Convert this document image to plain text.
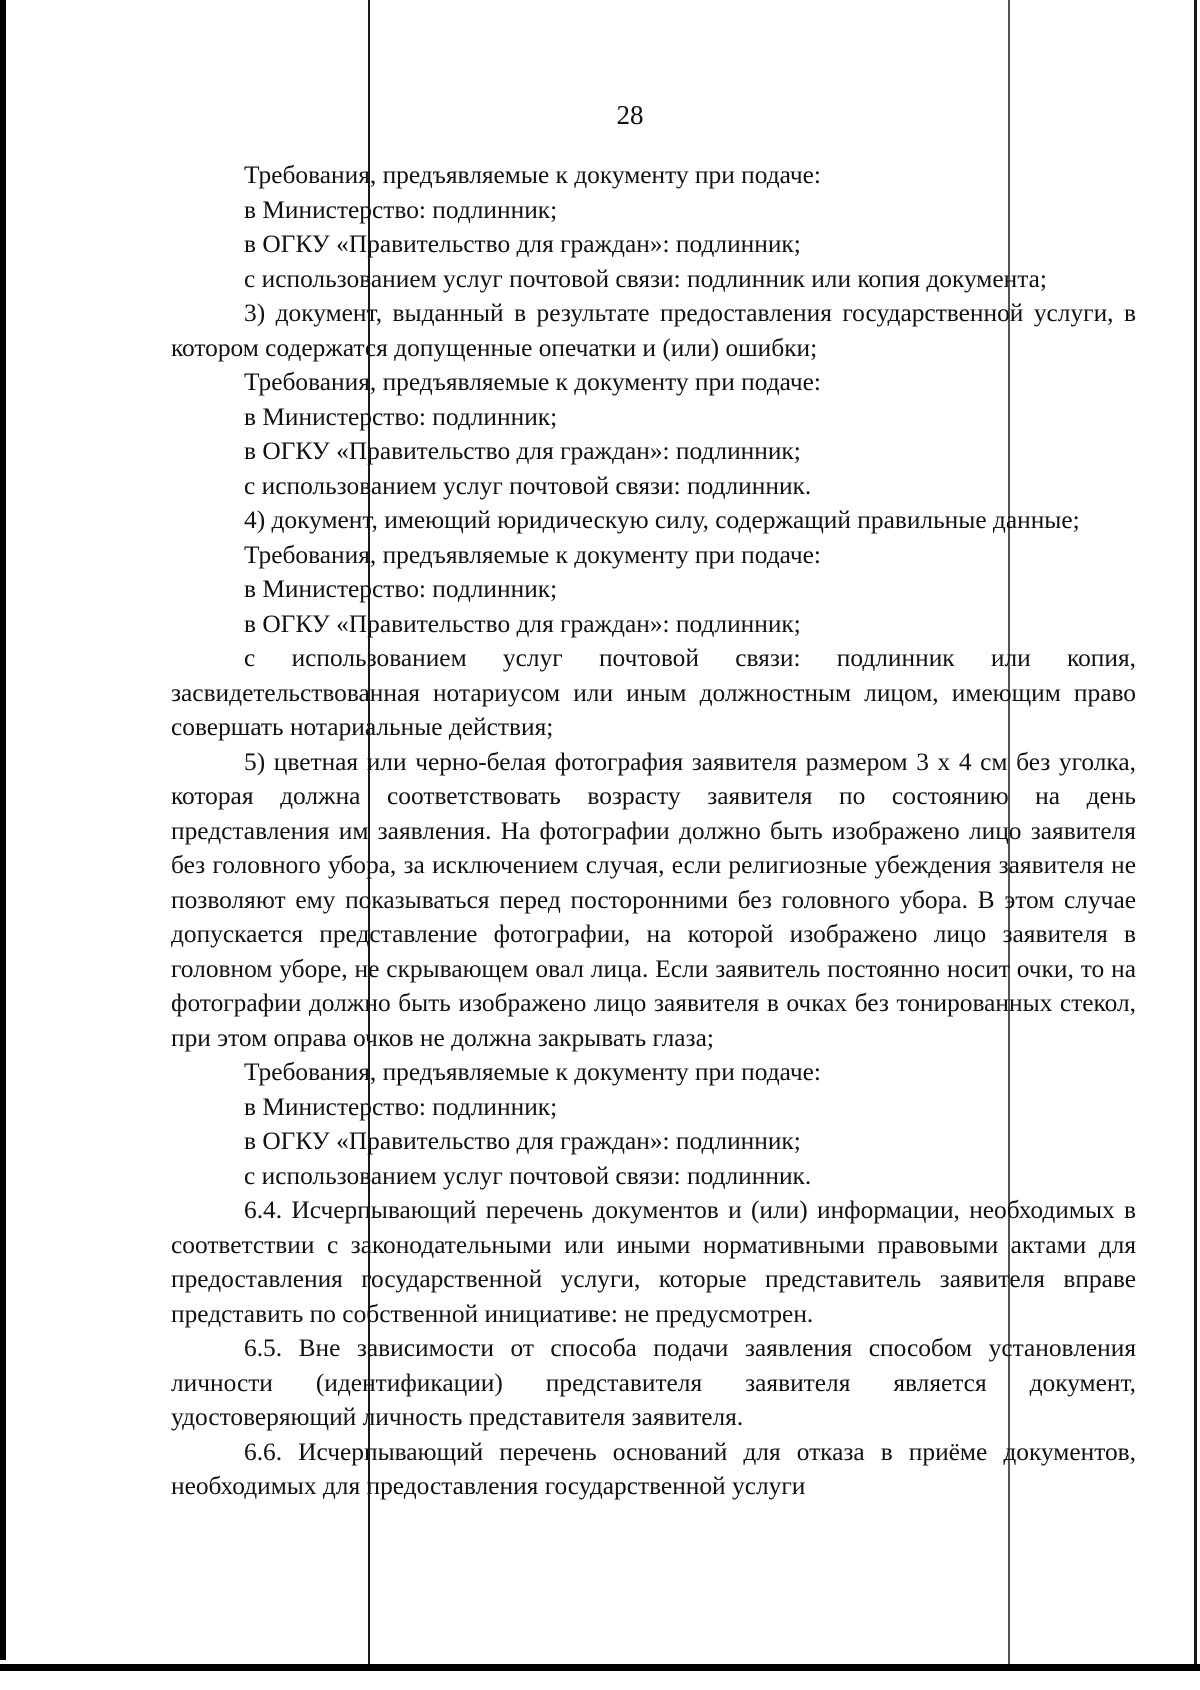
28

Требования, предъявляемые к документу при подаче:

в Министерство: подлинник;

в ОГКУ «Правительство для граждан»: подлинник;

с использованием услуг почтовой связи: подлинник или копия документа;

3) документ, выданный в результате предоставления государственной услуги, в котором содержатся допущенные опечатки и (или) ошибки;

Требования, предъявляемые к документу при подаче:

в Министерство: подлинник;

в ОГКУ «Правительство для граждан»: подлинник;

с использованием услуг почтовой связи: подлинник.

4) документ, имеющий юридическую силу, содержащий правильные данные;

Требования, предъявляемые к документу при подаче:

в Министерство: подлинник;

в ОГКУ «Правительство для граждан»: подлинник;

с использованием услуг почтовой связи: подлинник или копия, засвидетельствованная нотариусом или иным должностным лицом, имеющим право совершать нотариальные действия;

5) цветная или черно-белая фотография заявителя размером 3 х 4 см без уголка, которая должна соответствовать возрасту заявителя по состоянию на день представления им заявления. На фотографии должно быть изображено лицо заявителя без головного убора, за исключением случая, если религиозные убеждения заявителя не позволяют ему показываться перед посторонними без головного убора. В этом случае допускается представление фотографии, на которой изображено лицо заявителя в головном уборе, не скрывающем овал лица. Если заявитель постоянно носит очки, то на фотографии должно быть изображено лицо заявителя в очках без тонированных стекол, при этом оправа очков не должна закрывать глаза;

Требования, предъявляемые к документу при подаче:

в Министерство: подлинник;

в ОГКУ «Правительство для граждан»: подлинник;

с использованием услуг почтовой связи: подлинник.

6.4. Исчерпывающий перечень документов и (или) информации, необходимых в соответствии с законодательными или иными нормативными правовыми актами для предоставления государственной услуги, которые представитель заявителя вправе представить по собственной инициативе: не предусмотрен.

6.5. Вне зависимости от способа подачи заявления способом установления личности (идентификации) представителя заявителя является документ, удостоверяющий личность представителя заявителя.

6.6. Исчерпывающий перечень оснований для отказа в приёме документов, необходимых для предоставления государственной услуги
